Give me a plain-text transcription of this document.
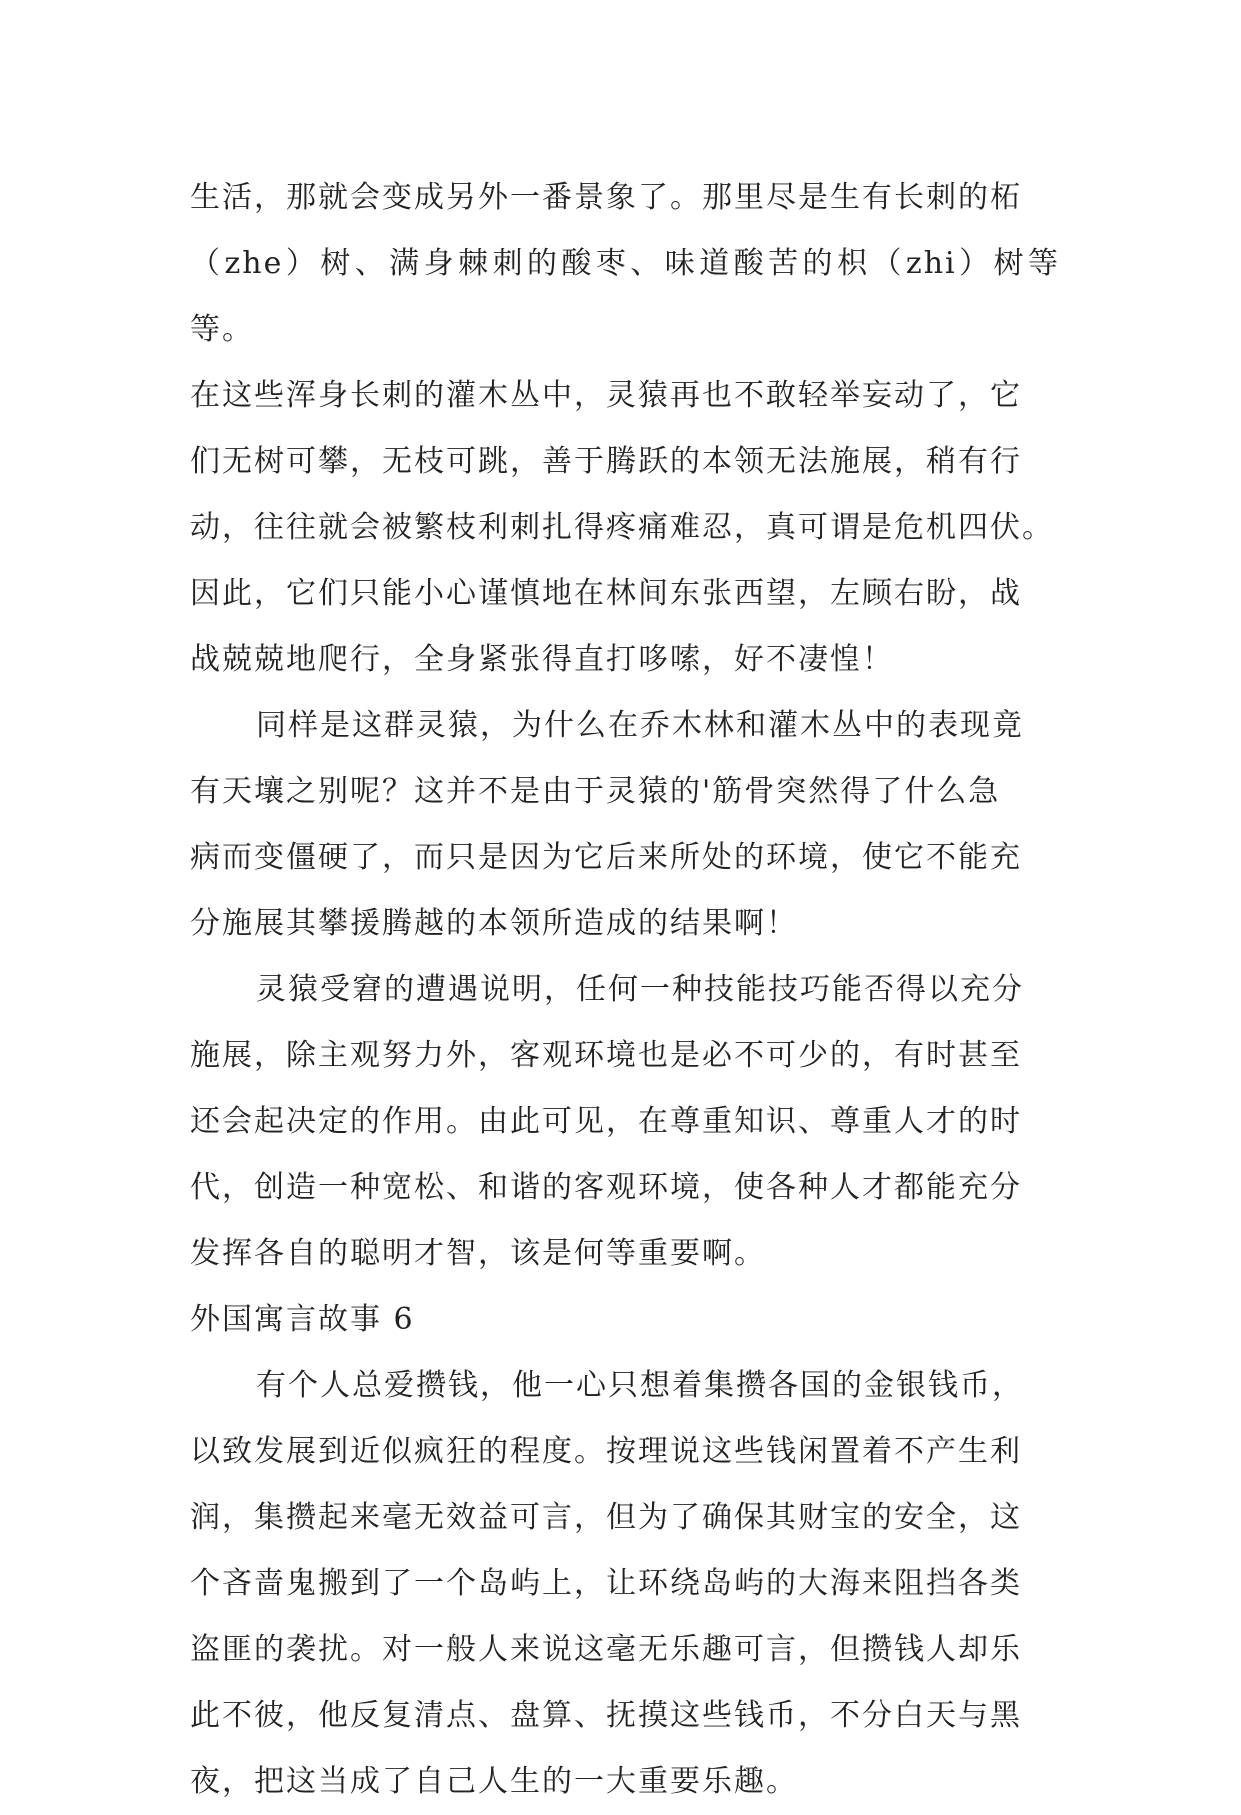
生活，那就会变成另外一番景象了。那里尽是生有长刺的柘
（zhe）树、满身棘刺的酸枣、味道酸苦的枳（zhi）树等等。
在这些浑身长刺的灌木丛中，灵猿再也不敢轻举妄动了，它
们无树可攀，无枝可跳，善于腾跃的本领无法施展，稍有行
动，往往就会被繁枝利刺扎得疼痛难忍，真可谓是危机四伏。
因此，它们只能小心谨慎地在林间东张西望，左顾右盼，战
战兢兢地爬行，全身紧张得直打哆嗦，好不凄惶！

同样是这群灵猿，为什么在乔木林和灌木丛中的表现竟
有天壤之别呢？这并不是由于灵猿的'筋骨突然得了什么急
病而变僵硬了，而只是因为它后来所处的环境，使它不能充
分施展其攀援腾越的本领所造成的结果啊！

灵猿受窘的遭遇说明，任何一种技能技巧能否得以充分
施展，除主观努力外，客观环境也是必不可少的，有时甚至
还会起决定的作用。由此可见，在尊重知识、尊重人才的时
代，创造一种宽松、和谐的客观环境，使各种人才都能充分
发挥各自的聪明才智，该是何等重要啊。

外国寓言故事 6

有个人总爱攒钱，他一心只想着集攒各国的金银钱币，
以致发展到近似疯狂的程度。按理说这些钱闲置着不产生利
润，集攒起来毫无效益可言，但为了确保其财宝的安全，这
个吝啬鬼搬到了一个岛屿上，让环绕岛屿的大海来阻挡各类
盗匪的袭扰。对一般人来说这毫无乐趣可言，但攒钱人却乐
此不彼，他反复清点、盘算、抚摸这些钱币，不分白天与黑
夜，把这当成了自己人生的一大重要乐趣。
